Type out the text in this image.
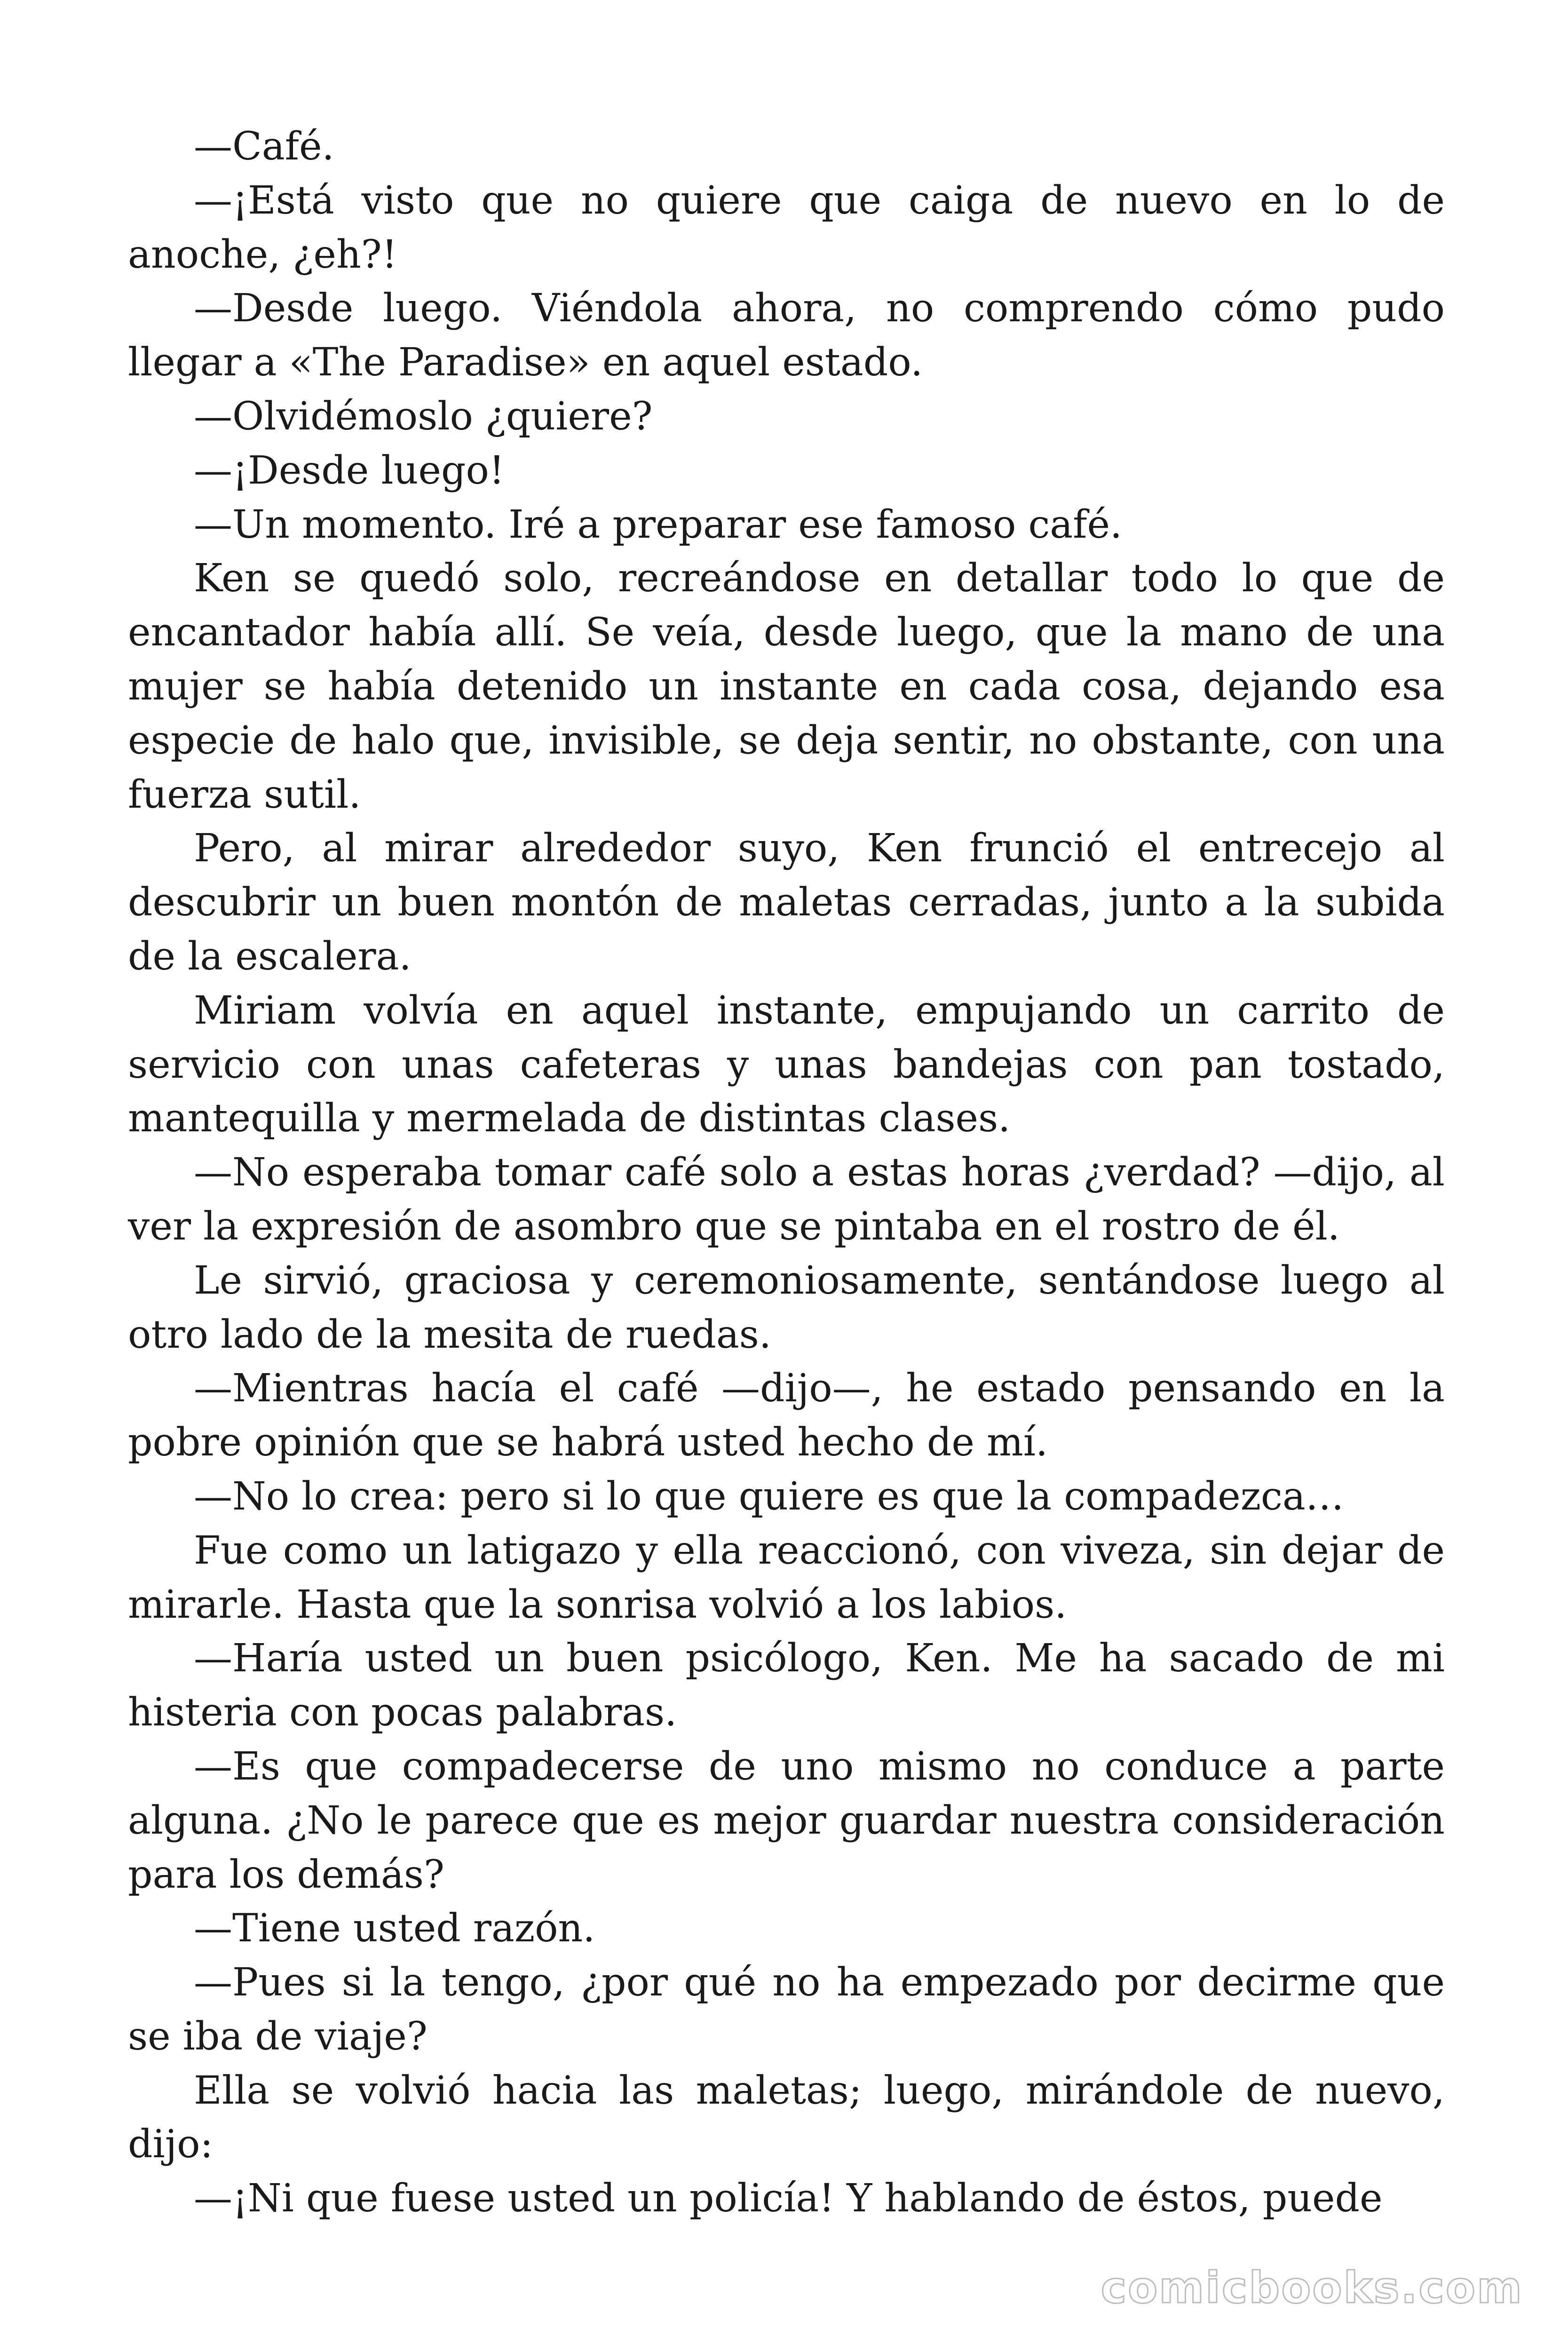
—Café.

—¡Está visto que no quiere que caiga de nuevo en lo de anoche, ¿eh?!

—Desde luego. Viéndola ahora, no comprendo cómo pudo llegar a «The Paradise» en aquel estado.

—Olvidémoslo ¿quiere?

—¡Desde luego!

—Un momento. Iré a preparar ese famoso café.

Ken se quedó solo, recreándose en detallar todo lo que de encantador había allí. Se veía, desde luego, que la mano de una mujer se había detenido un instante en cada cosa, dejando esa especie de halo que, invisible, se deja sentir, no obstante, con una fuerza sutil.

Pero, al mirar alrededor suyo, Ken frunció el entrecejo al descubrir un buen montón de maletas cerradas, junto a la subida de la escalera.

Miriam volvía en aquel instante, empujando un carrito de servicio con unas cafeteras y unas bandejas con pan tostado, mantequilla y mermelada de distintas clases.

—No esperaba tomar café solo a estas horas ¿verdad? —dijo, al ver la expresión de asombro que se pintaba en el rostro de él.

Le sirvió, graciosa y ceremoniosamente, sentándose luego al otro lado de la mesita de ruedas.

—Mientras hacía el café —dijo—, he estado pensando en la pobre opinión que se habrá usted hecho de mí.

—No lo crea: pero si lo que quiere es que la compadezca…

Fue como un latigazo y ella reaccionó, con viveza, sin dejar de mirarle. Hasta que la sonrisa volvió a los labios.

—Haría usted un buen psicólogo, Ken. Me ha sacado de mi histeria con pocas palabras.

—Es que compadecerse de uno mismo no conduce a parte alguna. ¿No le parece que es mejor guardar nuestra consideración para los demás?

—Tiene usted razón.

—Pues si la tengo, ¿por qué no ha empezado por decirme que se iba de viaje?

Ella se volvió hacia las maletas; luego, mirándole de nuevo, dijo:

—¡Ni que fuese usted un policía! Y hablando de éstos, puede

comicbooks.com
